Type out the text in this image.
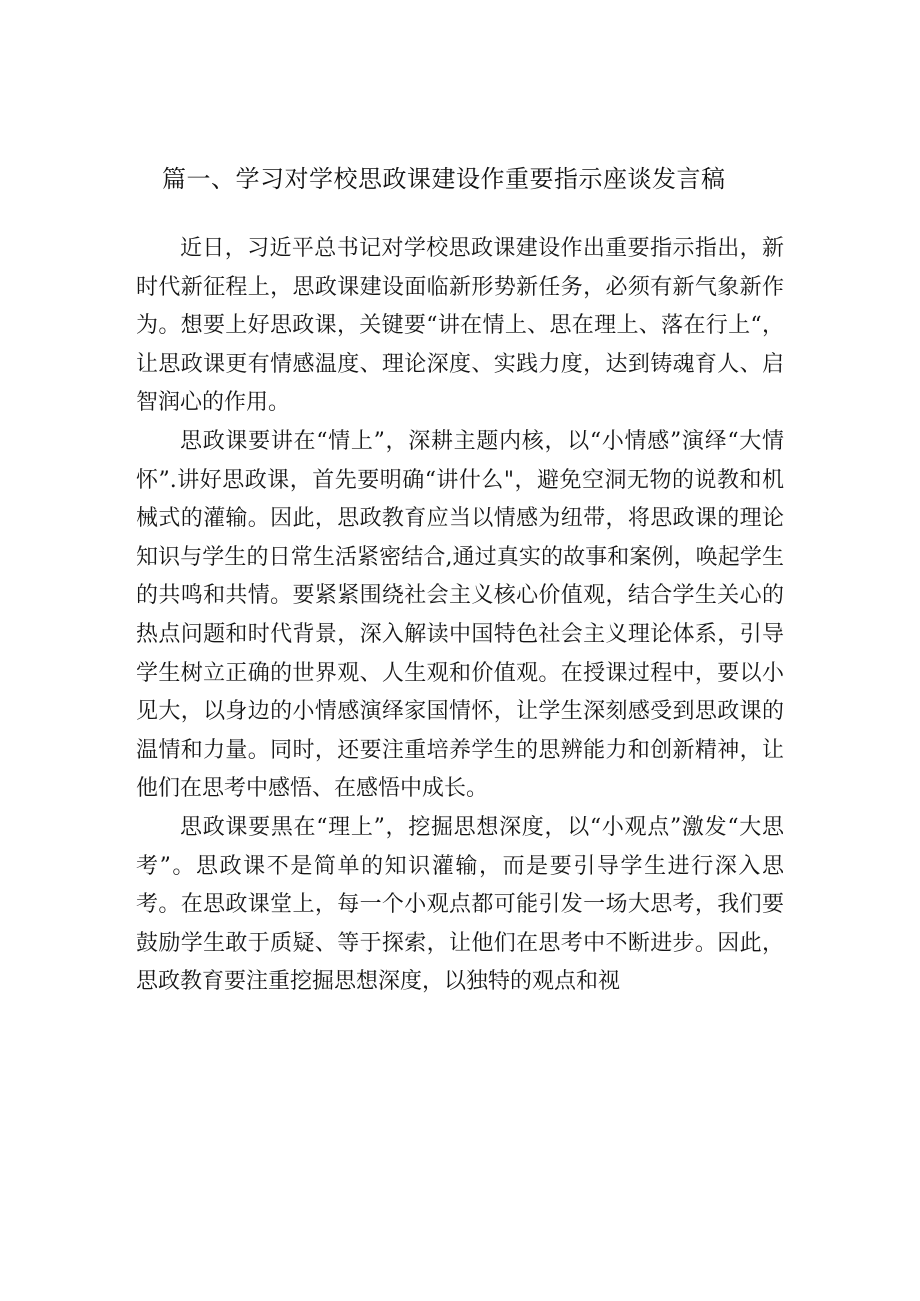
篇一、学习对学校思政课建设作重要指示座谈发言稿

近日，习近平总书记对学校思政课建设作出重要指示指出，新时代新征程上，思政课建设面临新形势新任务，必须有新气象新作为。想要上好思政课，关键要“讲在情上、思在理上、落在行上“，让思政课更有情感温度、理论深度、实践力度，达到铸魂育人、启智润心的作用。

思政课要讲在“情上”，深耕主题内核，以“小情感”演绎“大情怀”.讲好思政课，首先要明确“讲什么"，避免空洞无物的说教和机械式的灌输。因此，思政教育应当以情感为纽带，将思政课的理论知识与学生的日常生活紧密结合,通过真实的故事和案例，唤起学生的共鸣和共情。要紧紧围绕社会主义核心价值观，结合学生关心的热点问题和时代背景，深入解读中国特色社会主义理论体系，引导学生树立正确的世界观、人生观和价值观。在授课过程中，要以小见大，以身边的小情感演绎家国情怀，让学生深刻感受到思政课的温情和力量。同时，还要注重培养学生的思辨能力和创新精神，让他们在思考中感悟、在感悟中成长。

思政课要黒在“理上”，挖掘思想深度，以“小观点”激发“大思考”。思政课不是简单的知识灌输，而是要引导学生进行深入思考。在思政课堂上，每一个小观点都可能引发一场大思考，我们要鼓励学生敢于质疑、等于探索，让他们在思考中不断进步。因此，思政教育要注重挖掘思想深度，以独特的观点和视
